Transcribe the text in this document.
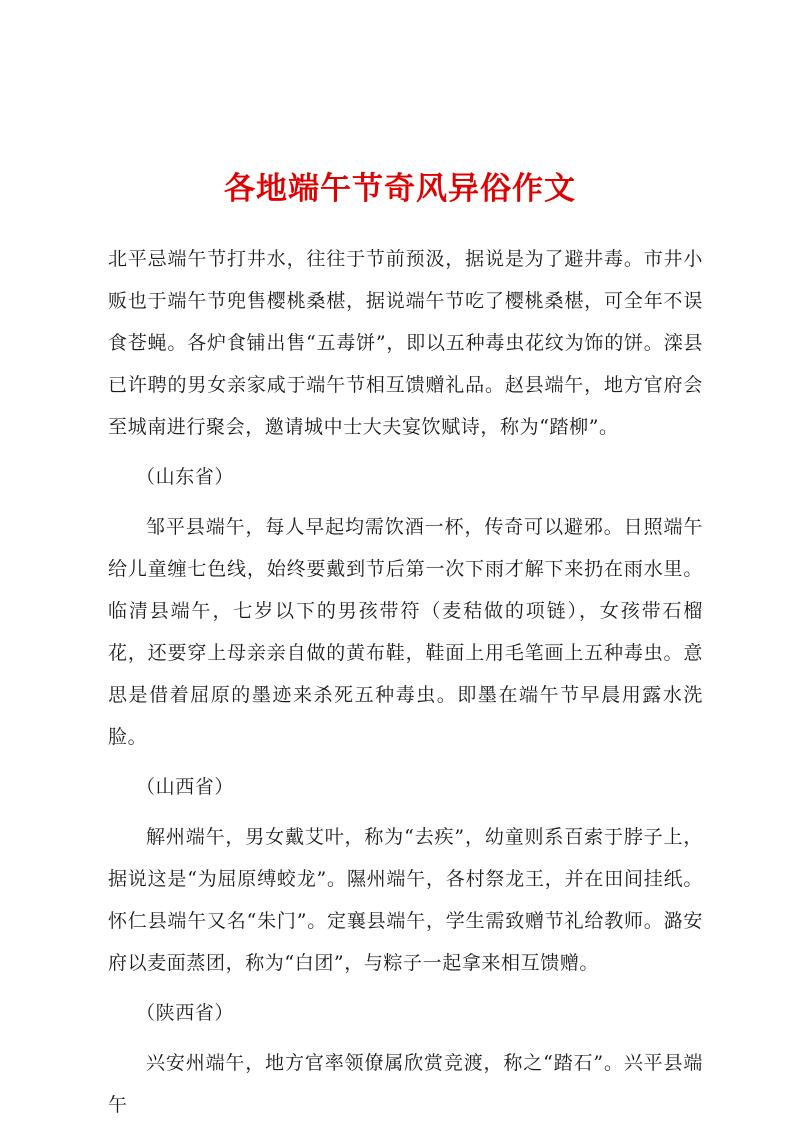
各地端午节奇风异俗作文

北平忌端午节打井水，往往于节前预汲，据说是为了避井毒。市井小贩也于端午节兜售樱桃桑椹，据说端午节吃了樱桃桑椹，可全年不误食苍蝇。各炉食铺出售“五毒饼”，即以五种毒虫花纹为饰的饼。滦县已许聘的男女亲家咸于端午节相互馈赠礼品。赵县端午，地方官府会至城南进行聚会，邀请城中士大夫宴饮赋诗，称为“踏柳”。

（山东省）

邹平县端午，每人早起均需饮酒一杯，传奇可以避邪。日照端午给儿童缠七色线，始终要戴到节后第一次下雨才解下来扔在雨水里。临清县端午，七岁以下的男孩带符（麦秸做的项链），女孩带石榴花，还要穿上母亲亲自做的黄布鞋，鞋面上用毛笔画上五种毒虫。意思是借着屈原的墨迹来杀死五种毒虫。即墨在端午节早晨用露水洗脸。

（山西省）

解州端午，男女戴艾叶，称为“去疾”，幼童则系百索于脖子上，据说这是“为屈原缚蛟龙”。隰州端午，各村祭龙王，并在田间挂纸。怀仁县端午又名“朱门”。定襄县端午，学生需致赠节礼给教师。潞安府以麦面蒸团，称为“白团”，与粽子一起拿来相互馈赠。

（陕西省）

兴安州端午，地方官率领僚属欣赏竞渡，称之“踏石”。兴平县端午
